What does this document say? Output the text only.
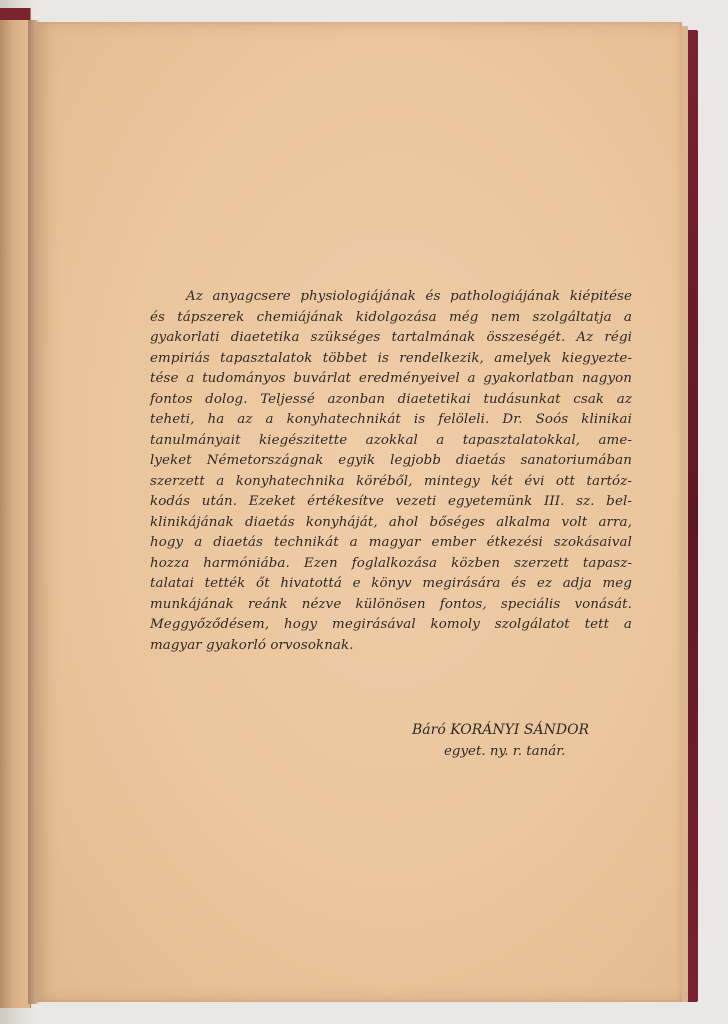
Az anyagcsere physiologiájának és pathologiájának kiépitése
és tápszerek chemiájának kidolgozása még nem szolgáltatja a
gyakorlati diaetetika szükséges tartalmának összeségét. Az régi
empiriás tapasztalatok többet is rendelkezik, amelyek kiegyezte-
tése a tudományos buvárlat eredményeivel a gyakorlatban nagyon
fontos dolog. Teljessé azonban diaetetikai tudásunkat csak az
teheti, ha az a konyhatechnikát is felöleli. Dr. Soós klinikai
tanulmányait kiegészitette azokkal a tapasztalatokkal, ame-
lyeket Németországnak egyik legjobb diaetás sanatoriumában
szerzett a konyhatechnika köréből, mintegy két évi ott tartóz-
kodás után. Ezeket értékesítve vezeti egyetemünk III. sz. bel-
klinikájának diaetás konyháját, ahol bőséges alkalma volt arra,
hogy a diaetás technikát a magyar ember étkezési szokásaival
hozza harmóniába. Ezen foglalkozása közben szerzett tapasz-
talatai tették őt hivatottá e könyv megirására és ez adja meg
munkájának reánk nézve különösen fontos, speciális vonását.
Meggyőződésem, hogy megirásával komoly szolgálatot tett a
magyar gyakorló orvosoknak.
Báró KORÁNYI SÁNDOR
egyet. ny. r. tanár.
